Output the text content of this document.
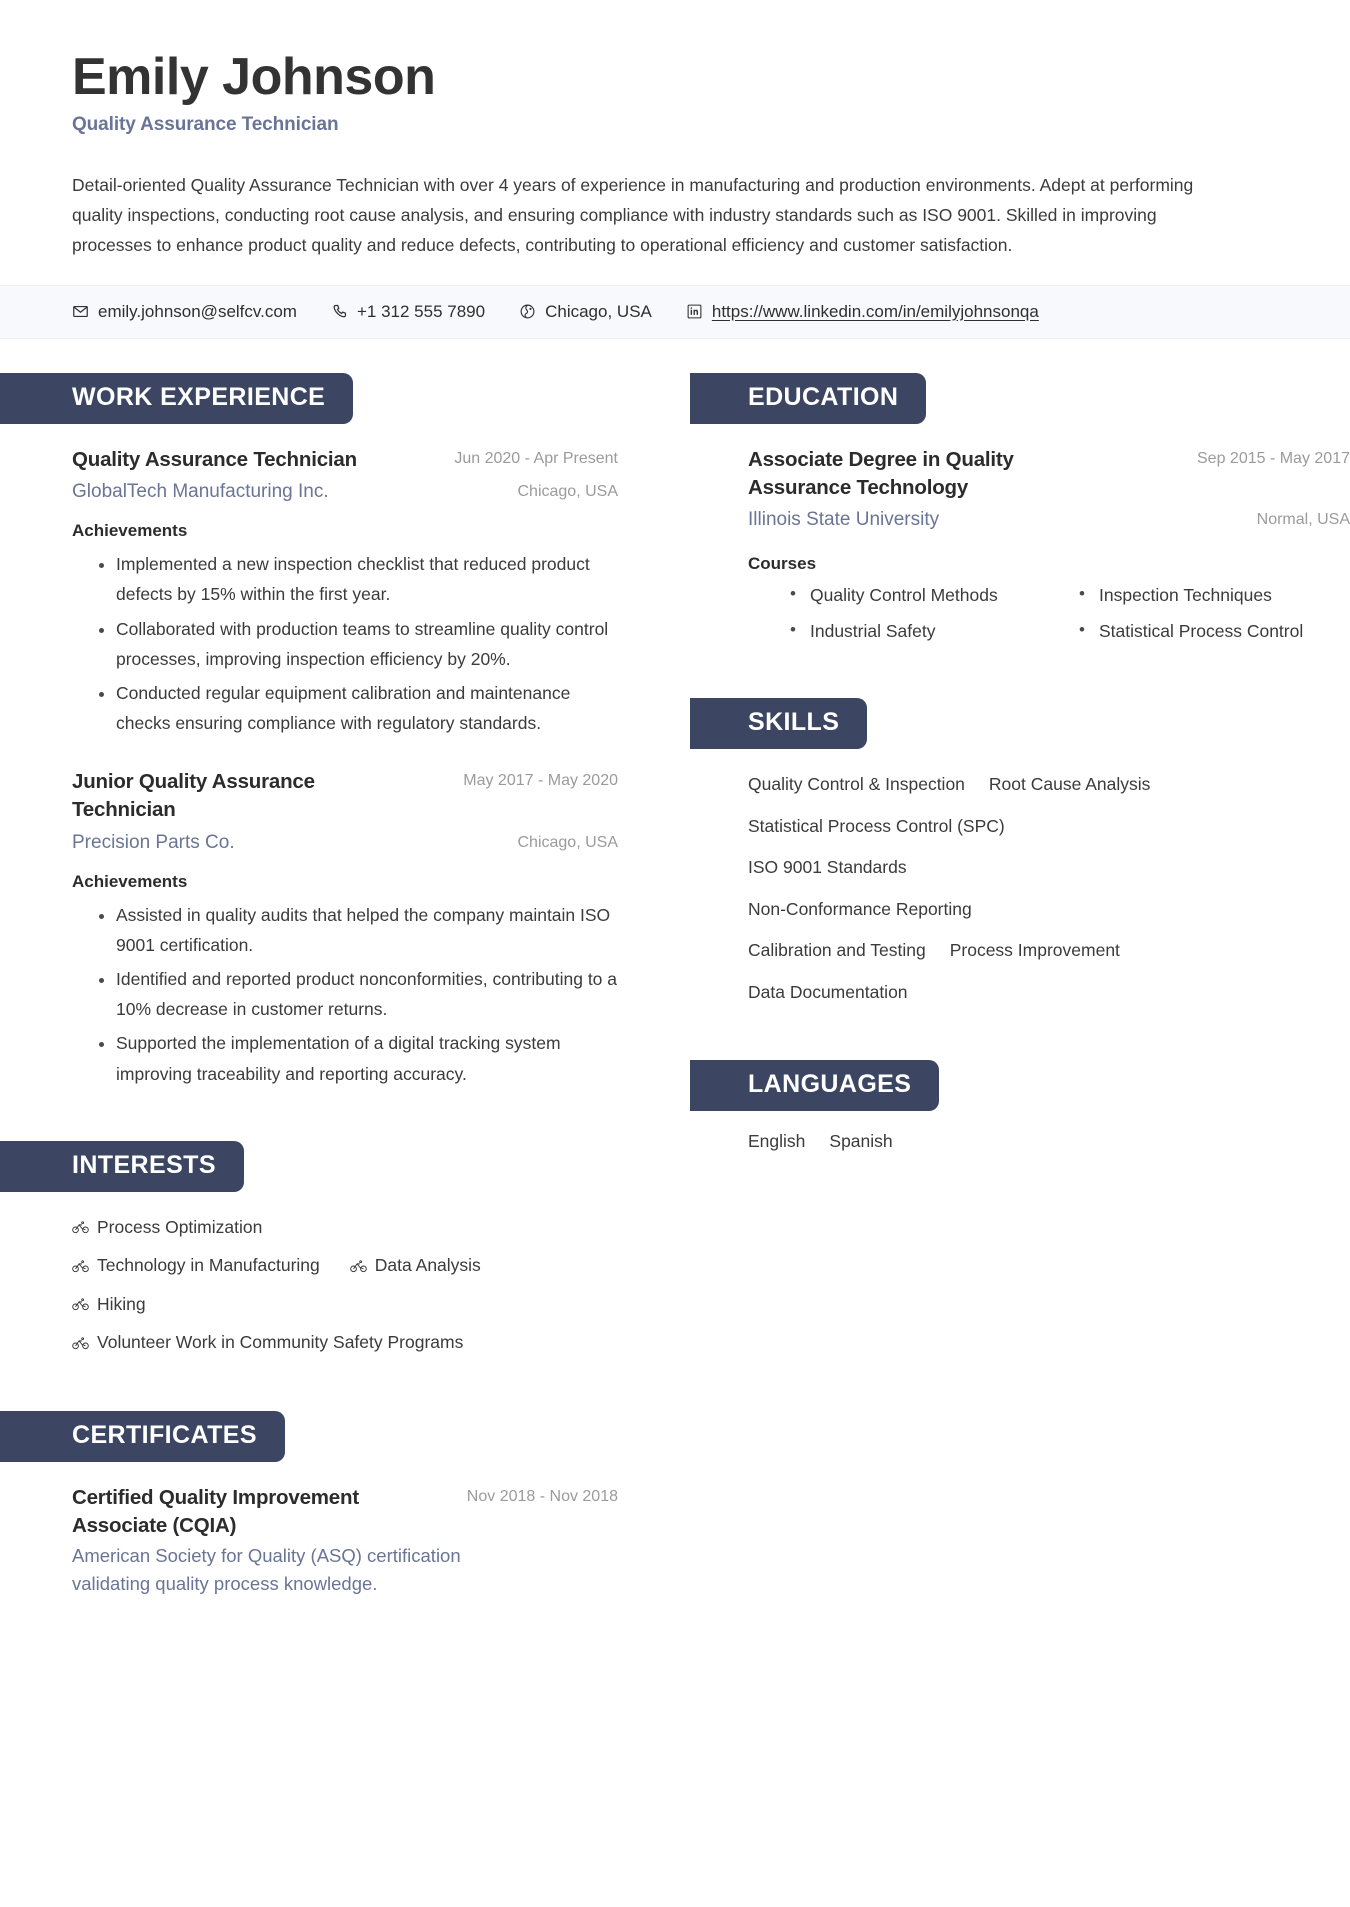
Emily Johnson
Quality Assurance Technician
Detail-oriented Quality Assurance Technician with over 4 years of experience in manufacturing and production environments. Adept at performing quality inspections, conducting root cause analysis, and ensuring compliance with industry standards such as ISO 9001. Skilled in improving processes to enhance product quality and reduce defects, contributing to operational efficiency and customer satisfaction.
emily.johnson@selfcv.com	+1 312 555 7890	Chicago, USA	https://www.linkedin.com/in/emilyjohnsonqa
WORK EXPERIENCE
Quality Assurance Technician	Jun 2020 - Apr Present
GlobalTech Manufacturing Inc.	Chicago, USA
Achievements
• Implemented a new inspection checklist that reduced product defects by 15% within the first year.
• Collaborated with production teams to streamline quality control processes, improving inspection efficiency by 20%.
• Conducted regular equipment calibration and maintenance checks ensuring compliance with regulatory standards.
Junior Quality Assurance Technician
May 2017 - May 2020
Precision Parts Co.	Chicago, USA
Achievements
• Assisted in quality audits that helped the company maintain ISO 9001 certification.
• Identified and reported product nonconformities, contributing to a 10% decrease in customer returns.
• Supported the implementation of a digital tracking system improving traceability and reporting accuracy.
INTERESTS
Process Optimization
Technology in Manufacturing	Data Analysis
Hiking
Volunteer Work in Community Safety Programs
CERTIFICATES
Certified Quality Improvement Associate (CQIA)
Nov 2018 - Nov 2018
American Society for Quality (ASQ) certification validating quality process knowledge.
EDUCATION
Associate Degree in Quality Assurance Technology
Sep 2015 - May 2017
Illinois State University	Normal, USA
Courses
• Quality Control Methods	• Inspection Techniques
• Industrial Safety	• Statistical Process Control
SKILLS
Quality Control & Inspection Root Cause Analysis
Statistical Process Control (SPC)
ISO 9001 Standards
Non-Conformance Reporting
Calibration and Testing Process Improvement
Data Documentation
LANGUAGES
English Spanish
